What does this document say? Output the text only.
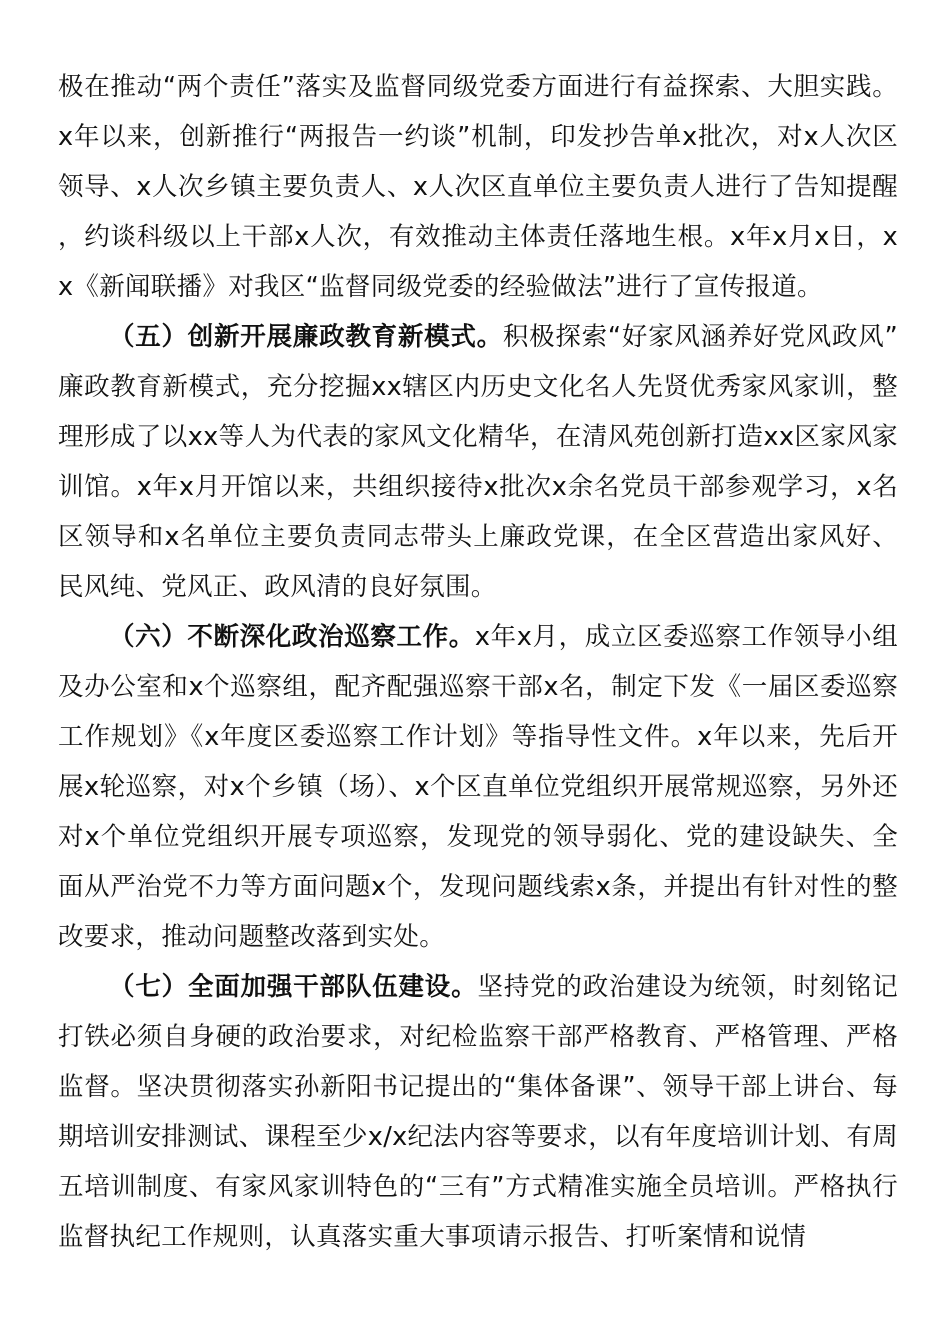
极在推动“两个责任”落实及监督同级党委方面进行有益探索、大胆实践。x年以来，创新推行“两报告一约谈”机制，印发抄告单x批次，对x人次区领导、x人次乡镇主要负责人、x人次区直单位主要负责人进行了告知提醒，约谈科级以上干部x人次，有效推动主体责任落地生根。x年x月x日，xx《新闻联播》对我区“监督同级党委的经验做法”进行了宣传报道。

（五）创新开展廉政教育新模式。积极探索“好家风涵养好党风政风”廉政教育新模式，充分挖掘xx辖区内历史文化名人先贤优秀家风家训，整理形成了以xx等人为代表的家风文化精华，在清风苑创新打造xx区家风家训馆。x年x月开馆以来，共组织接待x批次x余名党员干部参观学习，x名区领导和x名单位主要负责同志带头上廉政党课，在全区营造出家风好、民风纯、党风正、政风清的良好氛围。

（六）不断深化政治巡察工作。x年x月，成立区委巡察工作领导小组及办公室和x个巡察组，配齐配强巡察干部x名，制定下发《一届区委巡察工作规划》《x年度区委巡察工作计划》等指导性文件。x年以来，先后开展x轮巡察，对x个乡镇（场）、x个区直单位党组织开展常规巡察，另外还对x个单位党组织开展专项巡察，发现党的领导弱化、党的建设缺失、全面从严治党不力等方面问题x个，发现问题线索x条，并提出有针对性的整改要求，推动问题整改落到实处。

（七）全面加强干部队伍建设。坚持党的政治建设为统领，时刻铭记打铁必须自身硬的政治要求，对纪检监察干部严格教育、严格管理、严格监督。坚决贯彻落实孙新阳书记提出的“集体备课”、领导干部上讲台、每期培训安排测试、课程至少x/x纪法内容等要求，以有年度培训计划、有周五培训制度、有家风家训特色的“三有”方式精准实施全员培训。严格执行监督执纪工作规则，认真落实重大事项请示报告、打听案情和说情
